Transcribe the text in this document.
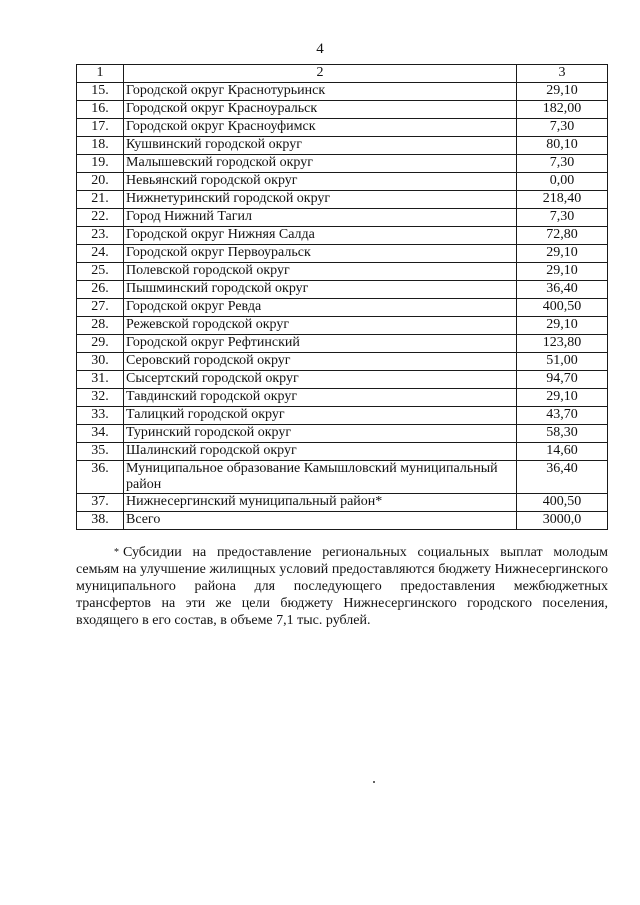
4
1	2	3
15.	Городской округ Краснотурьинск	29,10
16.	Городской округ Красноуральск	182,00
17.	Городской округ Красноуфимск	7,30
18.	Кушвинский городской округ	80,10
19.	Малышевский городской округ	7,30
20.	Невьянский городской округ	0,00
21.	Нижнетуринский городской округ	218,40
22.	Город Нижний Тагил	7,30
23.	Городской округ Нижняя Салда	72,80
24.	Городской округ Первоуральск	29,10
25.	Полевской городской округ	29,10
26.	Пышминский городской округ	36,40
27.	Городской округ Ревда	400,50
28.	Режевской городской округ	29,10
29.	Городской округ Рефтинский	123,80
30.	Серовский городской округ	51,00
31.	Сысертский городской округ	94,70
32.	Тавдинский городской округ	29,10
33.	Талицкий городской округ	43,70
34.	Туринский городской округ	58,30
35.	Шалинский городской округ	14,60
36.	Муниципальное образование Камышловский муниципальный район	36,40
37.	Нижнесергинский муниципальный район*	400,50
38.	Всего	3000,0
* Субсидии на предоставление региональных социальных выплат молодым семьям на улучшение жилищных условий предоставляются бюджету Нижнесергинского муниципального района для последующего предоставления межбюджетных трансфертов на эти же цели бюджету Нижнесергинского городского поселения, входящего в его состав, в объеме 7,1 тыс. рублей.
